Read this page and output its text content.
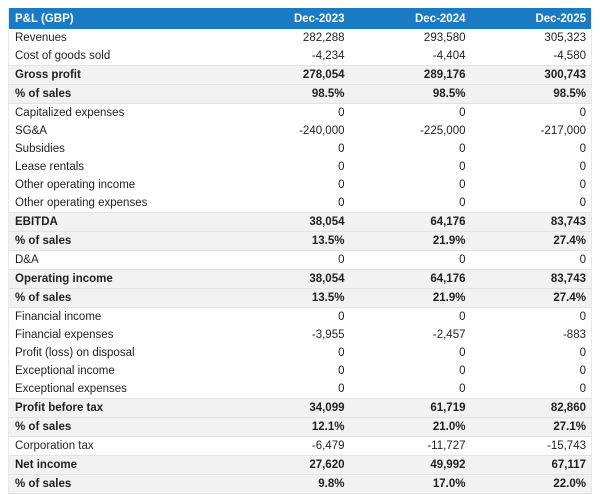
P&L (GBP)	Dec-2023	Dec-2024	Dec-2025
Revenues	282,288	293,580	305,323
Cost of goods sold	-4,234	-4,404	-4,580
Gross profit	278,054	289,176	300,743
% of sales	98.5%	98.5%	98.5%
Capitalized expenses	0	0	0
SG&A	-240,000	-225,000	-217,000
Subsidies	0	0	0
Lease rentals	0	0	0
Other operating income	0	0	0
Other operating expenses	0	0	0
EBITDA	38,054	64,176	83,743
% of sales	13.5%	21.9%	27.4%
D&A	0	0	0
Operating income	38,054	64,176	83,743
% of sales	13.5%	21.9%	27.4%
Financial income	0	0	0
Financial expenses	-3,955	-2,457	-883
Profit (loss) on disposal	0	0	0
Exceptional income	0	0	0
Exceptional expenses	0	0	0
Profit before tax	34,099	61,719	82,860
% of sales	12.1%	21.0%	27.1%
Corporation tax	-6,479	-11,727	-15,743
Net income	27,620	49,992	67,117
% of sales	9.8%	17.0%	22.0%
